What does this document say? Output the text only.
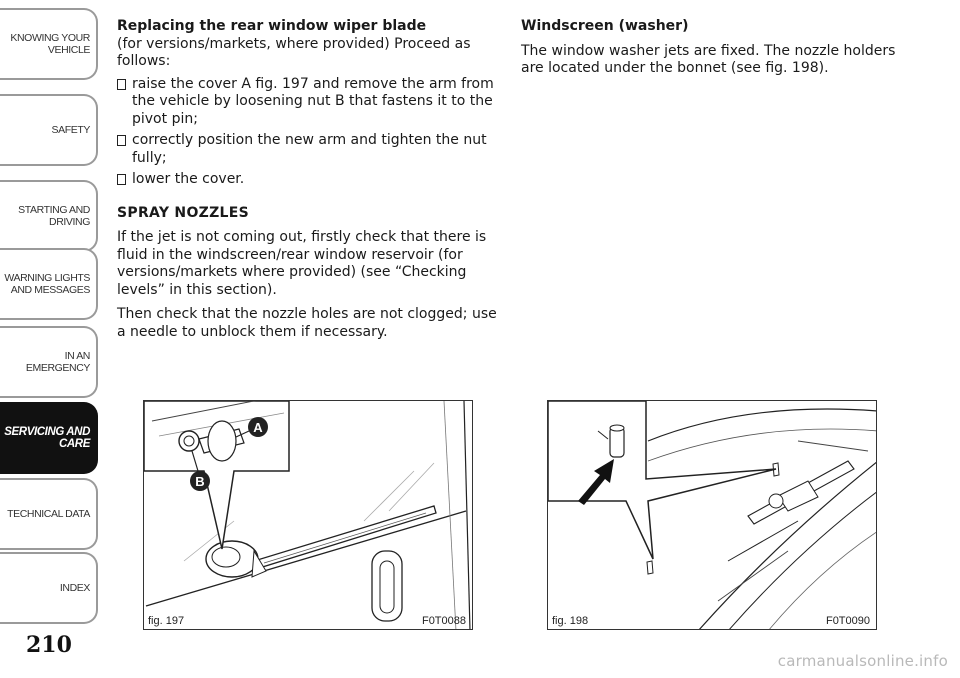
KNOWING YOUR
VEHICLE
SAFETY
STARTING AND
DRIVING
WARNING LIGHTS
AND MESSAGES
IN AN EMERGENCY
SERVICING AND
CARE
TECHNICAL DATA
INDEX
210

Replacing the rear window wiper blade

(for versions/markets, where provided) Proceed as follows:

raise the cover A fig. 197 and remove the arm from the vehicle by loosening nut B that fastens it to the pivot pin;
correctly position the new arm and tighten the nut fully;
lower the cover.

SPRAY NOZZLES

If the jet is not coming out, firstly check that there is fluid in the windscreen/rear window reservoir (for versions/markets where provided) (see “Checking levels” in this section).

Then check that the nozzle holes are not clogged; use a needle to unblock them if necessary.

Windscreen (washer)

The window washer jets are fixed. The nozzle holders are located under the bonnet (see fig. 198).

A
B
fig. 197	F0T0088	fig. 198	F0T0090
carmanualsonline.info
